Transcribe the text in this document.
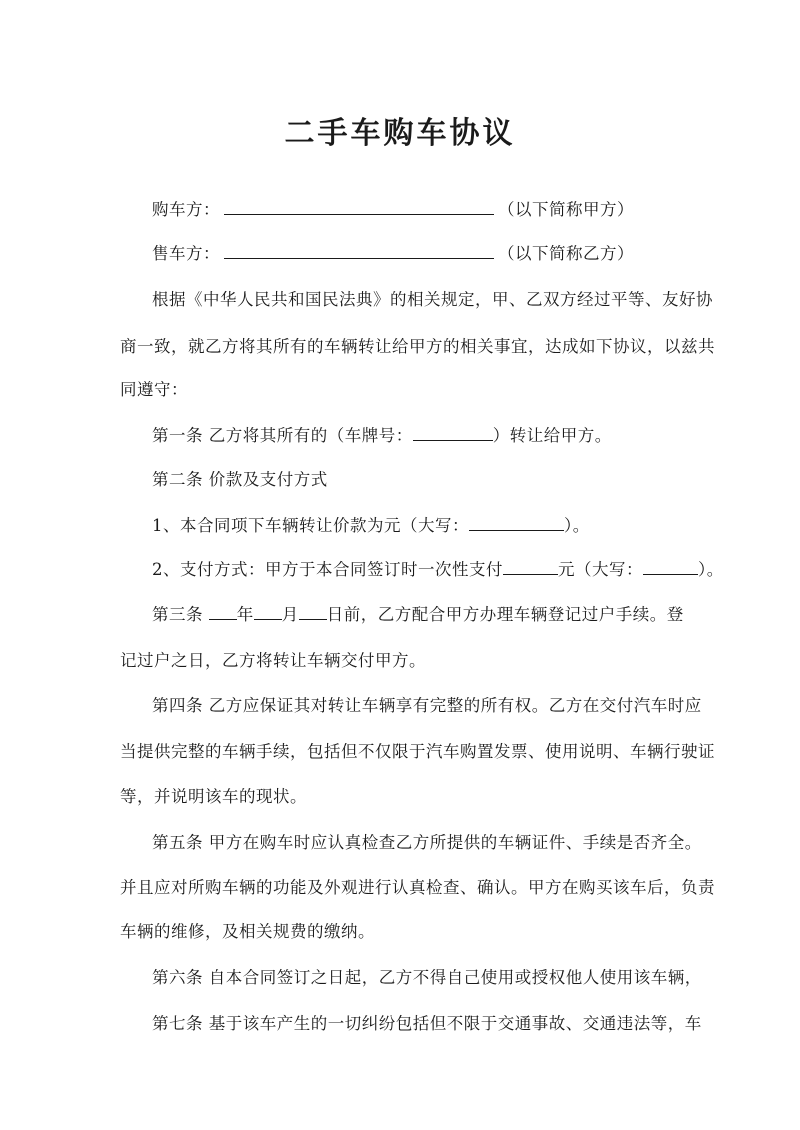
二手车购车协议
购车方：	（以下简称甲方）
售车方：	（以下简称乙方）
根据《中华人民共和国民法典》的相关规定，甲、乙双方经过平等、友好协
商一致，就乙方将其所有的车辆转让给甲方的相关事宜，达成如下协议，以兹共
同遵守：
第一条 乙方将其所有的（车牌号：	）转让给甲方。
第二条 价款及支付方式
1、本合同项下车辆转让价款为元（大写：	）。
2、支付方式：甲方于本合同签订时一次性支付	元（大写：	）。
第三条 年 月 日前，乙方配合甲方办理车辆登记过户手续。登
记过户之日，乙方将转让车辆交付甲方。
第四条 乙方应保证其对转让车辆享有完整的所有权。乙方在交付汽车时应
当提供完整的车辆手续，包括但不仅限于汽车购置发票、使用说明、车辆行驶证
等，并说明该车的现状。
第五条 甲方在购车时应认真检查乙方所提供的车辆证件、手续是否齐全。
并且应对所购车辆的功能及外观进行认真检查、确认。甲方在购买该车后，负责
车辆的维修，及相关规费的缴纳。
第六条 自本合同签订之日起，乙方不得自己使用或授权他人使用该车辆，
第七条 基于该车产生的一切纠纷包括但不限于交通事故、交通违法等，车
